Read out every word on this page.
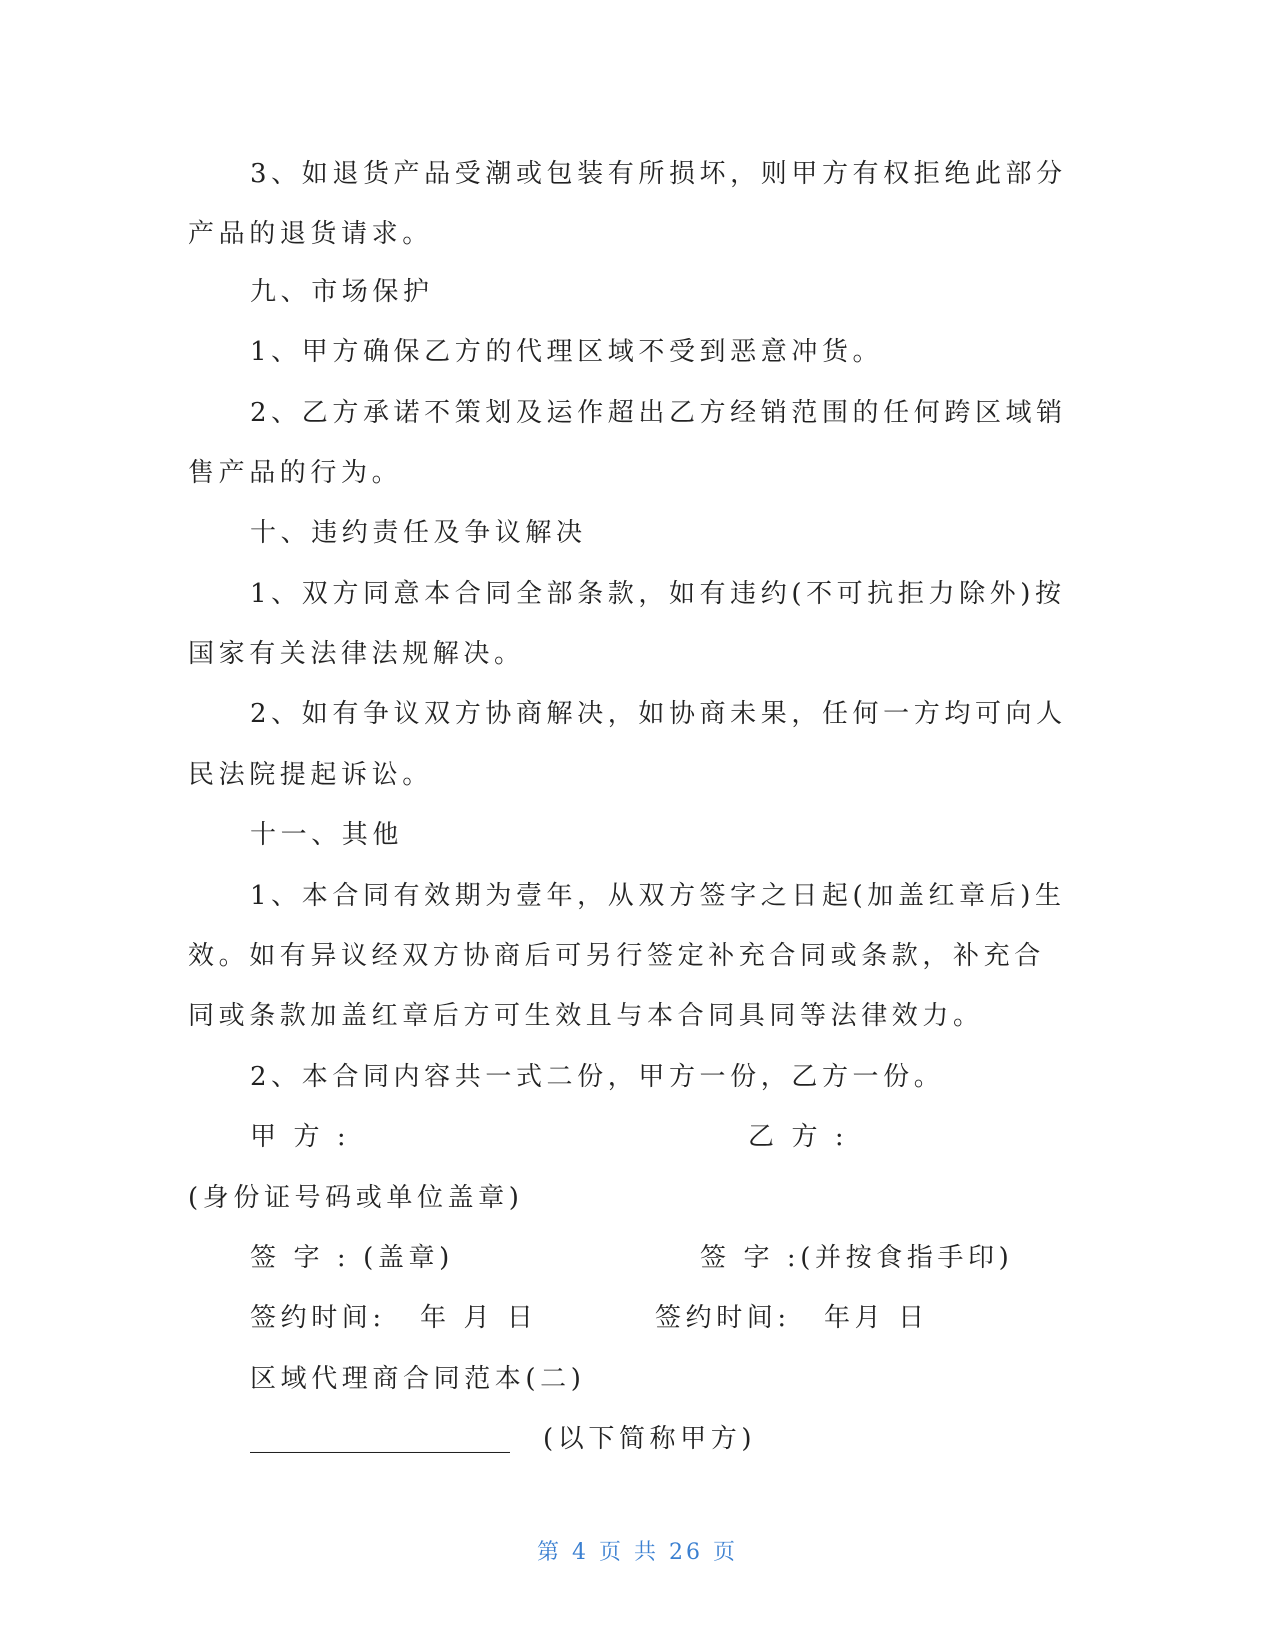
3、如退货产品受潮或包装有所损坏，则甲方有权拒绝此部分
产品的退货请求。
九、市场保护
1、甲方确保乙方的代理区域不受到恶意冲货。
2、乙方承诺不策划及运作超出乙方经销范围的任何跨区域销
售产品的行为。
十、违约责任及争议解决
1、双方同意本合同全部条款，如有违约(不可抗拒力除外)按
国家有关法律法规解决。
2、如有争议双方协商解决，如协商未果，任何一方均可向人
民法院提起诉讼。
十一、其他
1、本合同有效期为壹年，从双方签字之日起(加盖红章后)生
效。如有异议经双方协商后可另行签定补充合同或条款，补充合
同或条款加盖红章后方可生效且与本合同具同等法律效力。
2、本合同内容共一式二份，甲方一份，乙方一份。
甲 方 :	乙 方 :
(身份证号码或单位盖章)
签 字 : (盖章)	签 字 :(并按食指手印)
签约时间: 年 月 日	签约时间: 年月 日
区域代理商合同范本(二)
____________________ (以下简称甲方)
第 4 页 共 26 页
